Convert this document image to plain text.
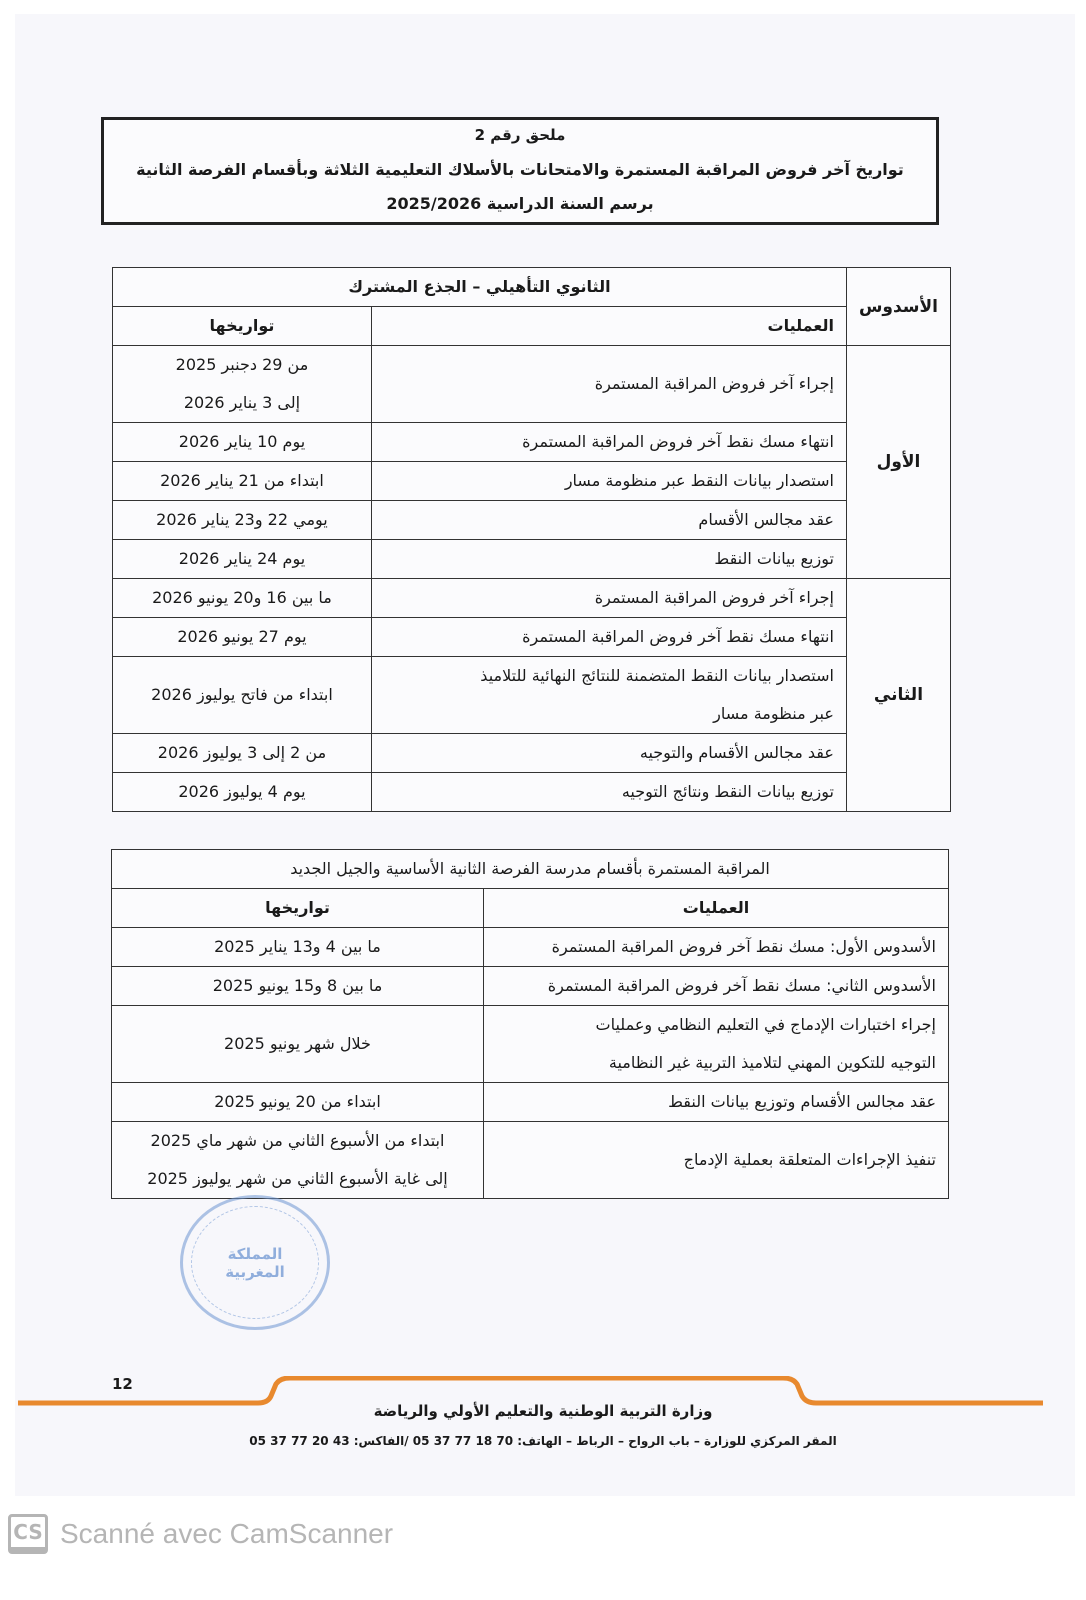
ملحق رقم 2
تواريخ آخر فروض المراقبة المستمرة والامتحانات بالأسلاك التعليمية الثلاثة وبأقسام الفرصة الثانية
برسم السنة الدراسية 2025/2026
الأسدوس	الثانوي التأهيلي – الجذع المشترك	
	العمليات	تواريخها
الأول	إجراء آخر فروض المراقبة المستمرة	من 29 دجنبر 2025
إلى 3 يناير 2026

	انتهاء مسك نقط آخر فروض المراقبة المستمرة	يوم 10 يناير 2026
	استصدار بيانات النقط عبر منظومة مسار	ابتداء من 21 يناير 2026
	عقد مجالس الأقسام	يومي 22 و23 يناير 2026
	توزيع بيانات النقط	يوم 24 يناير 2026
الثاني	إجراء آخر فروض المراقبة المستمرة	ما بين 16 و20 يونيو 2026
	انتهاء مسك نقط آخر فروض المراقبة المستمرة	يوم 27 يونيو 2026

	استصدار بيانات النقط المتضمنة للنتائج النهائية للتلاميذ
عبر منظومة مسار	ابتداء من فاتح يوليوز 2026
	عقد مجالس الأقسام والتوجيه	من 2 إلى 3 يوليوز 2026
	توزيع بيانات النقط ونتائج التوجيه	يوم 4 يوليوز 2026
المراقبة المستمرة بأقسام مدرسة الفرصة الثانية الأساسية والجيل الجديد	
العمليات	تواريخها
الأسدوس الأول: مسك نقط آخر فروض المراقبة المستمرة	ما بين 4 و13 يناير 2025
الأسدوس الثاني: مسك نقط آخر فروض المراقبة المستمرة	ما بين 8 و15 يونيو 2025

إجراء اختبارات الإدماج في التعليم النظامي وعمليات
التوجيه للتكوين المهني لتلاميذ التربية غير النظامية	خلال شهر يونيو 2025
عقد مجالس الأقسام وتوزيع بيانات النقط	ابتداء من 20 يونيو 2025
تنفيذ الإجراءات المتعلقة بعملية الإدماج	ابتداء من الأسبوع الثاني من شهر ماي 2025
إلى غاية الأسبوع الثاني من شهر يوليوز 2025
المملكة
المغربية
12
وزارة التربية الوطنية والتعليم الأولي والرياضة
المقر المركزي للوزارة – باب الرواح – الرباط – الهاتف: 70 18 77 37 05 /الفاكس: 43 20 77 37 05
CS Scanné avec CamScanner
